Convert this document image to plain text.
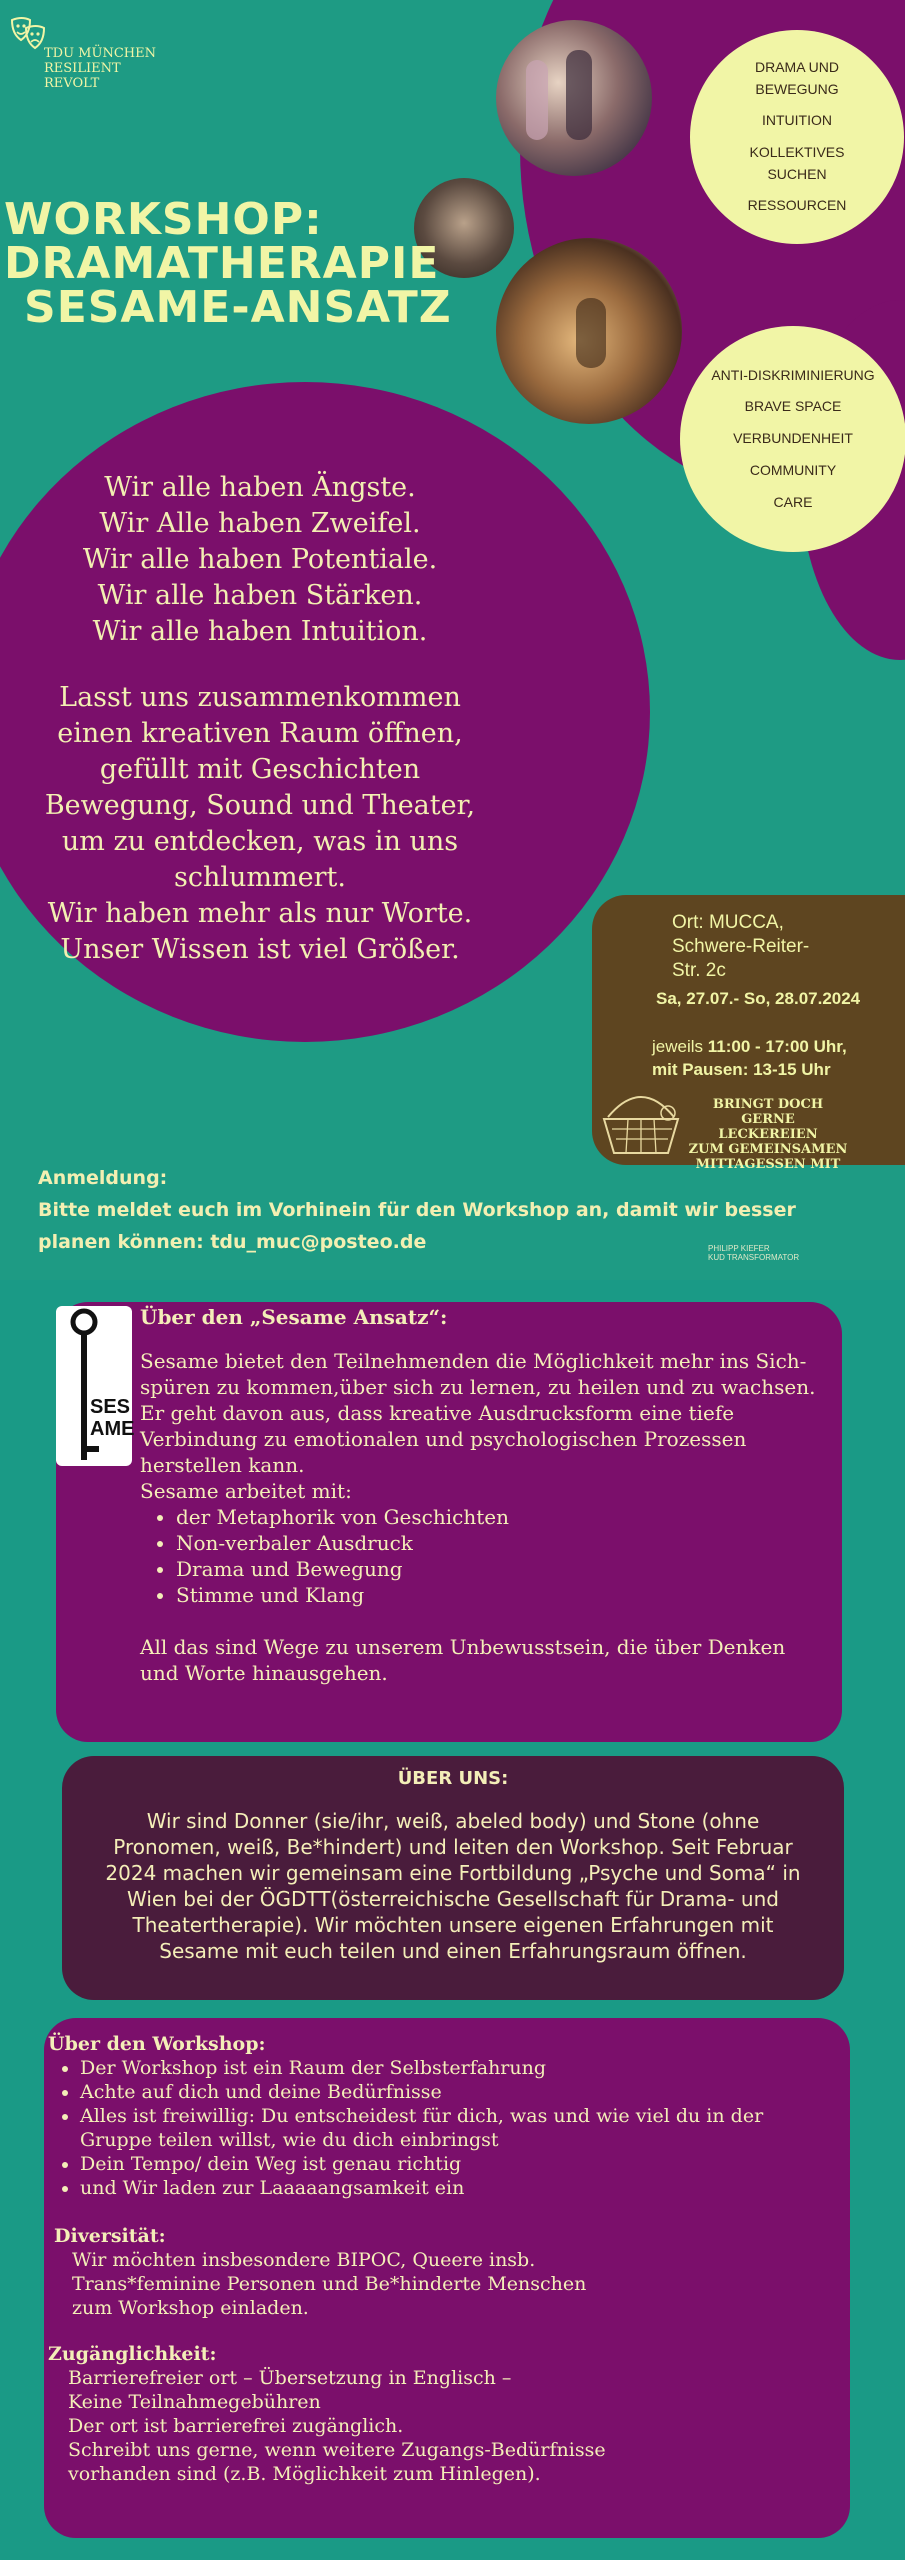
TDU MÜNCHEN
RESILIENT
REVOLT
DRAMA UND
BEWEGUNG
INTUITION
KOLLEKTIVES
SUCHEN
RESSOURCEN
ANTI-DISKRIMINIERUNG
BRAVE SPACE
VERBUNDENHEIT
COMMUNITY
CARE
WORKSHOP:
DRAMATHERAPIE
SESAME-ANSATZ
Wir alle haben Ängste.
Wir Alle haben Zweifel.
Wir alle haben Potentiale.
Wir alle haben Stärken.
Wir alle haben Intuition.
Lasst uns zusammenkommen
einen kreativen Raum öffnen,
gefüllt mit Geschichten
Bewegung, Sound und Theater,
um zu entdecken, was in uns
schlummert.
Wir haben mehr als nur Worte.
Unser Wissen ist viel Größer.
Ort: MUCCA,
Schwere-Reiter-
Str. 2c
Sa, 27.07.- So, 28.07.2024
jeweils 11:00 - 17:00 Uhr,
mit Pausen: 13-15 Uhr
BRINGT DOCH GERNE
LECKEREIEN
ZUM GEMEINSAMEN
MITTAGESSEN MIT
Anmeldung:
Bitte meldet euch im Vorhinein für den Workshop an, damit wir besser
planen können: tdu_muc@posteo.de	PHILIPP KIEFER
KUD TRANSFORMATOR
SES
AME
Über den „Sesame Ansatz“:
Sesame bietet den Teilnehmenden die Möglichkeit mehr ins Sich-spüren zu kommen,über sich zu lernen, zu heilen und zu wachsen.
Er geht davon aus, dass kreative Ausdrucksform eine tiefe Verbindung zu emotionalen und psychologischen Prozessen herstellen kann.
Sesame arbeitet mit:
• der Metaphorik von Geschichten
• Non-verbaler Ausdruck
• Drama und Bewegung
• Stimme und Klang
All das sind Wege zu unserem Unbewusstsein, die über Denken und Worte hinausgehen.
ÜBER UNS:
Wir sind Donner (sie/ihr, weiß, abeled body) und Stone (ohne Pronomen, weiß, Be*hindert) und leiten den Workshop. Seit Februar 2024 machen wir gemeinsam eine Fortbildung „Psyche und Soma“ in Wien bei der ÖGDTT(österreichische Gesellschaft für Drama- und Theatertherapie). Wir möchten unsere eigenen Erfahrungen mit Sesame mit euch teilen und einen Erfahrungsraum öffnen.
Über den Workshop:
• Der Workshop ist ein Raum der Selbsterfahrung
• Achte auf dich und deine Bedürfnisse
• Alles ist freiwillig: Du entscheidest für dich, was und wie viel du in der Gruppe teilen willst, wie du dich einbringst
• Dein Tempo/ dein Weg ist genau richtig
• und Wir laden zur Laaaaangsamkeit ein
Diversität:
Wir möchten insbesondere BIPOC, Queere insb.
Trans*feminine Personen und Be*hinderte Menschen
zum Workshop einladen.
Zugänglichkeit:
Barrierefreier ort – Übersetzung in Englisch –
Keine Teilnahmegebühren
Der ort ist barrierefrei zugänglich.
Schreibt uns gerne, wenn weitere Zugangs-Bedürfnisse
vorhanden sind (z.B. Möglichkeit zum Hinlegen).
